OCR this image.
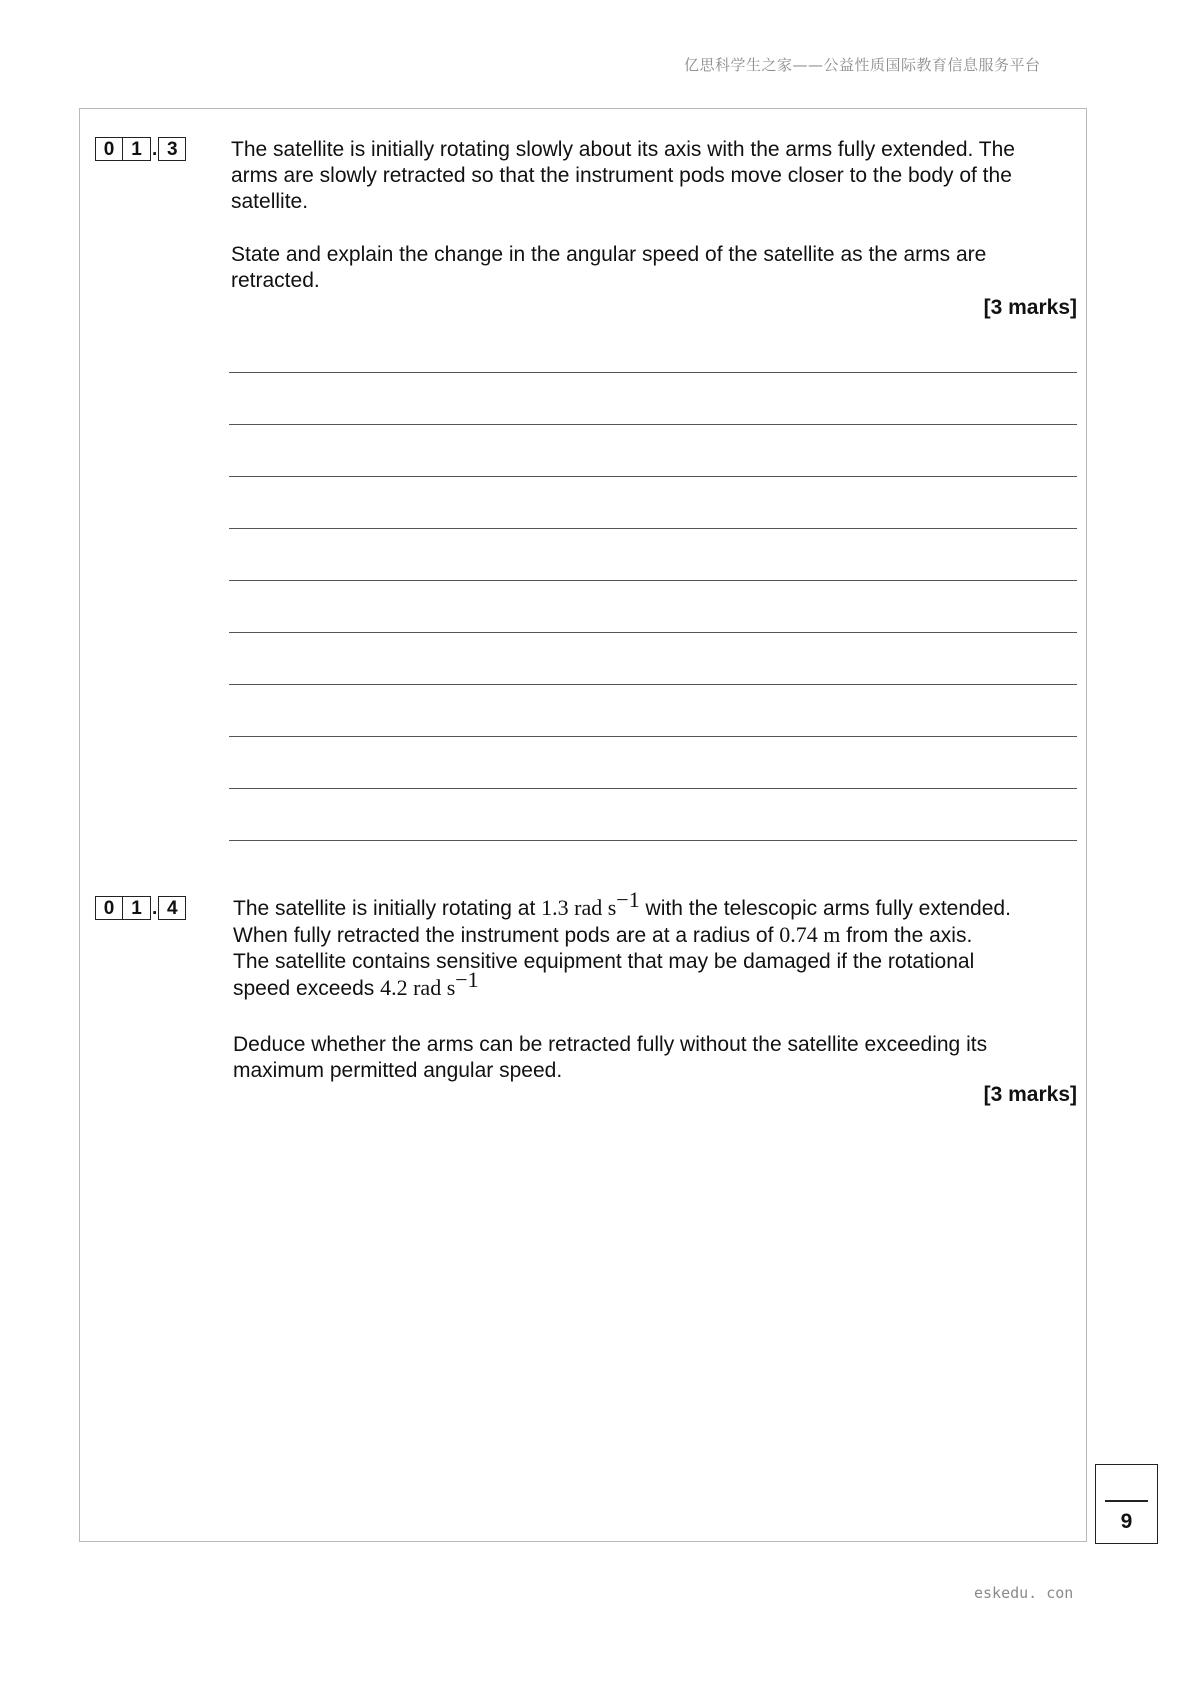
亿思科学生之家——公益性质国际教育信息服务平台
0 1 . 3	The satellite is initially rotating slowly about its axis with the arms fully extended. The
arms are slowly retracted so that the instrument pods move closer to the body of the
satellite.

State and explain the change in the angular speed of the satellite as the arms are
retracted.

[3 marks]
0 1 . 4	The satellite is initially rotating at 1.3 rad $s^{-1}$ with the telescopic arms fully extended.
When fully retracted the instrument pods are at a radius of 0.74 m from the axis.
The satellite contains sensitive equipment that may be damaged if the rotational
speed exceeds 4.2 rad $s^{-1}$

Deduce whether the arms can be retracted fully without the satellite exceeding its
maximum permitted angular speed.

[3 marks]
9
eskedu. con
